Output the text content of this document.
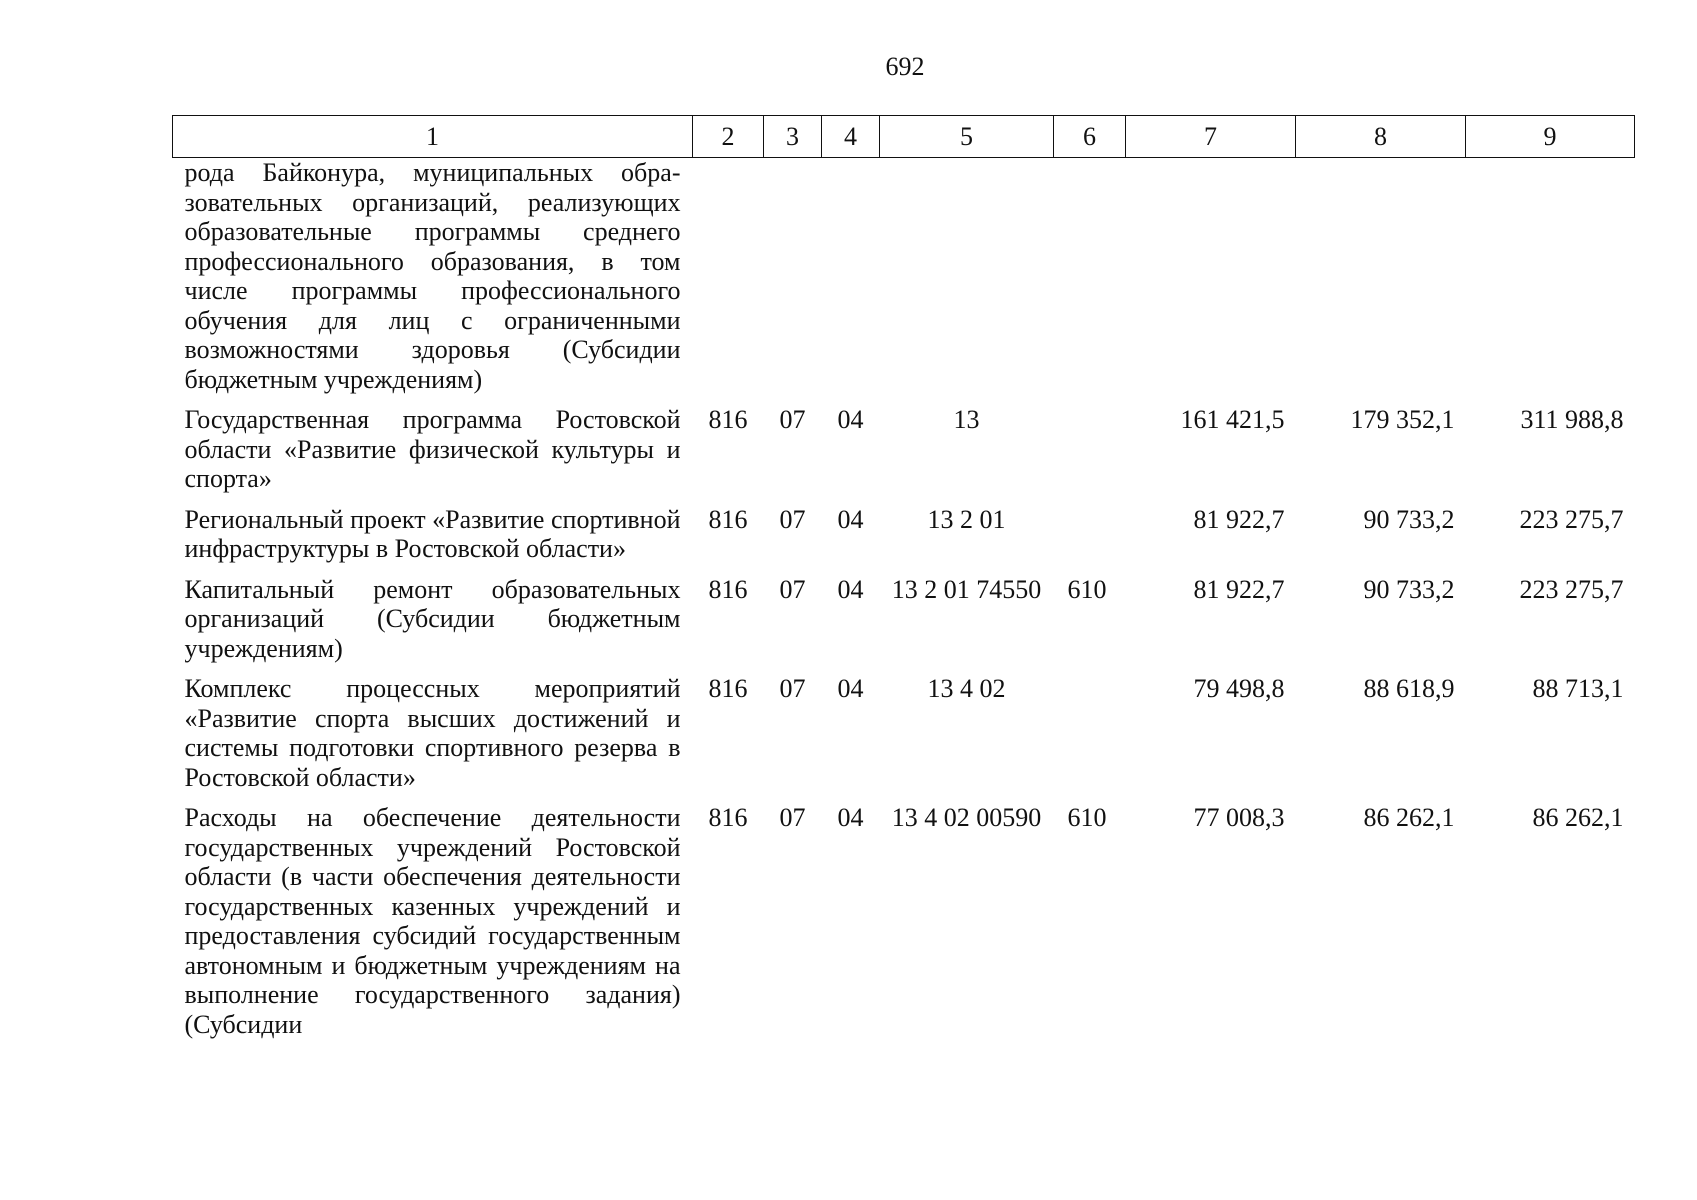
692
1	2	3	4	5	6	7	8	9
рода Байконура, муниципальных образовательных организаций, реализующих образовательные программы среднего профессионального образования, в том числе программы профессионального обучения для лиц с ограниченными возможностями здоровья (Субсидии бюджетным учреждениям)								
Государственная программа Ростовской области «Развитие физической культуры и спорта»	816	07	04	13		161 421,5	179 352,1	311 988,8
Региональный проект «Развитие спортивной инфраструктуры в Ростовской области»	816	07	04	13 2 01		81 922,7	90 733,2	223 275,7
Капитальный ремонт образовательных организаций (Субсидии бюджетным учреждениям)	816	07	04	13 2 01 74550	610	81 922,7	90 733,2	223 275,7
Комплекс процессных мероприятий «Развитие спорта высших достижений и системы подготовки спортивного резерва в Ростовской области»	816	07	04	13 4 02		79 498,8	88 618,9	88 713,1
Расходы на обеспечение деятельности государственных учреждений Ростовской области (в части обеспечения деятельности государственных казенных учреждений и предоставления субсидий государственным автономным и бюджетным учреждениям на выполнение государственного задания) (Субсидии	816	07	04	13 4 02 00590	610	77 008,3	86 262,1	86 262,1
